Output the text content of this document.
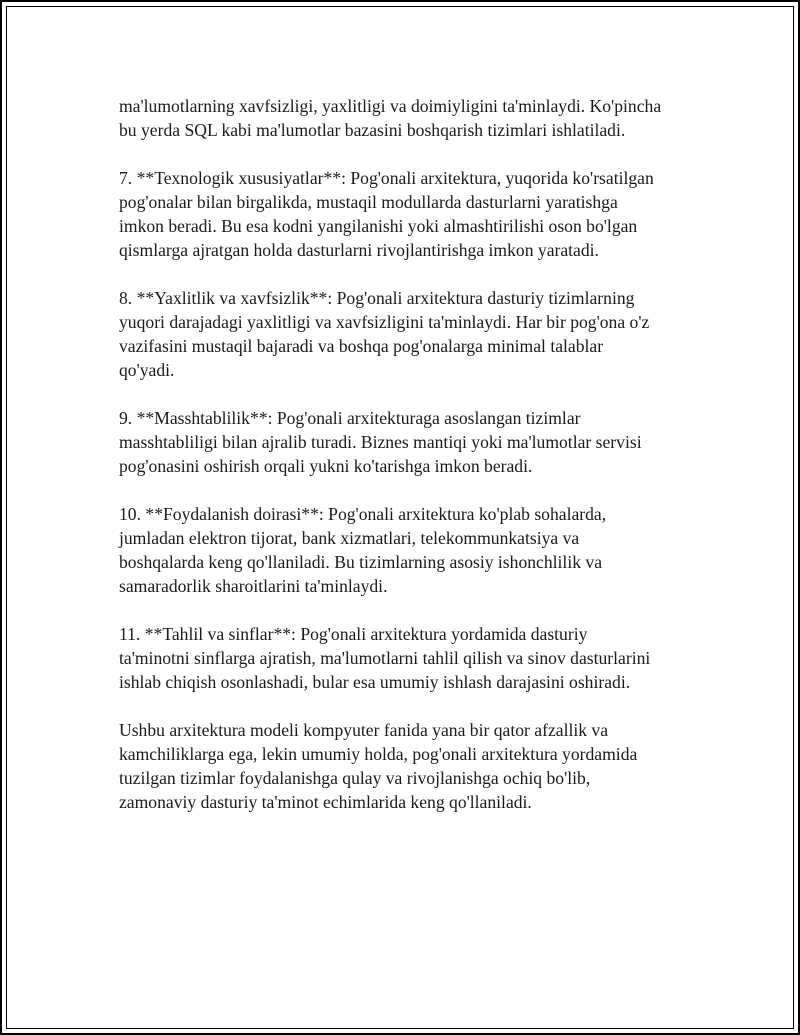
ma'lumotlarning xavfsizligi, yaxlitligi va doimiyligini ta'minlaydi. Ko'pincha
bu yerda SQL kabi ma'lumotlar bazasini boshqarish tizimlari ishlatiladi.

7. **Texnologik xususiyatlar**: Pog'onali arxitektura, yuqorida ko'rsatilgan
pog'onalar bilan birgalikda, mustaqil modullarda dasturlarni yaratishga
imkon beradi. Bu esa kodni yangilanishi yoki almashtirilishi oson bo'lgan
qismlarga ajratgan holda dasturlarni rivojlantirishga imkon yaratadi.

8. **Yaxlitlik va xavfsizlik**: Pog'onali arxitektura dasturiy tizimlarning
yuqori darajadagi yaxlitligi va xavfsizligini ta'minlaydi. Har bir pog'ona o'z
vazifasini mustaqil bajaradi va boshqa pog'onalarga minimal talablar
qo'yadi.

9. **Masshtablilik**: Pog'onali arxitekturaga asoslangan tizimlar
masshtabliligi bilan ajralib turadi. Biznes mantiqi yoki ma'lumotlar servisi
pog'onasini oshirish orqali yukni ko'tarishga imkon beradi.

10. **Foydalanish doirasi**: Pog'onali arxitektura ko'plab sohalarda,
jumladan elektron tijorat, bank xizmatlari, telekommunkatsiya va
boshqalarda keng qo'llaniladi. Bu tizimlarning asosiy ishonchlilik va
samaradorlik sharoitlarini ta'minlaydi.

11. **Tahlil va sinflar**: Pog'onali arxitektura yordamida dasturiy
ta'minotni sinflarga ajratish, ma'lumotlarni tahlil qilish va sinov dasturlarini
ishlab chiqish osonlashadi, bular esa umumiy ishlash darajasini oshiradi.

Ushbu arxitektura modeli kompyuter fanida yana bir qator afzallik va
kamchiliklarga ega, lekin umumiy holda, pog'onali arxitektura yordamida
tuzilgan tizimlar foydalanishga qulay va rivojlanishga ochiq bo'lib,
zamonaviy dasturiy ta'minot echimlarida keng qo'llaniladi.
